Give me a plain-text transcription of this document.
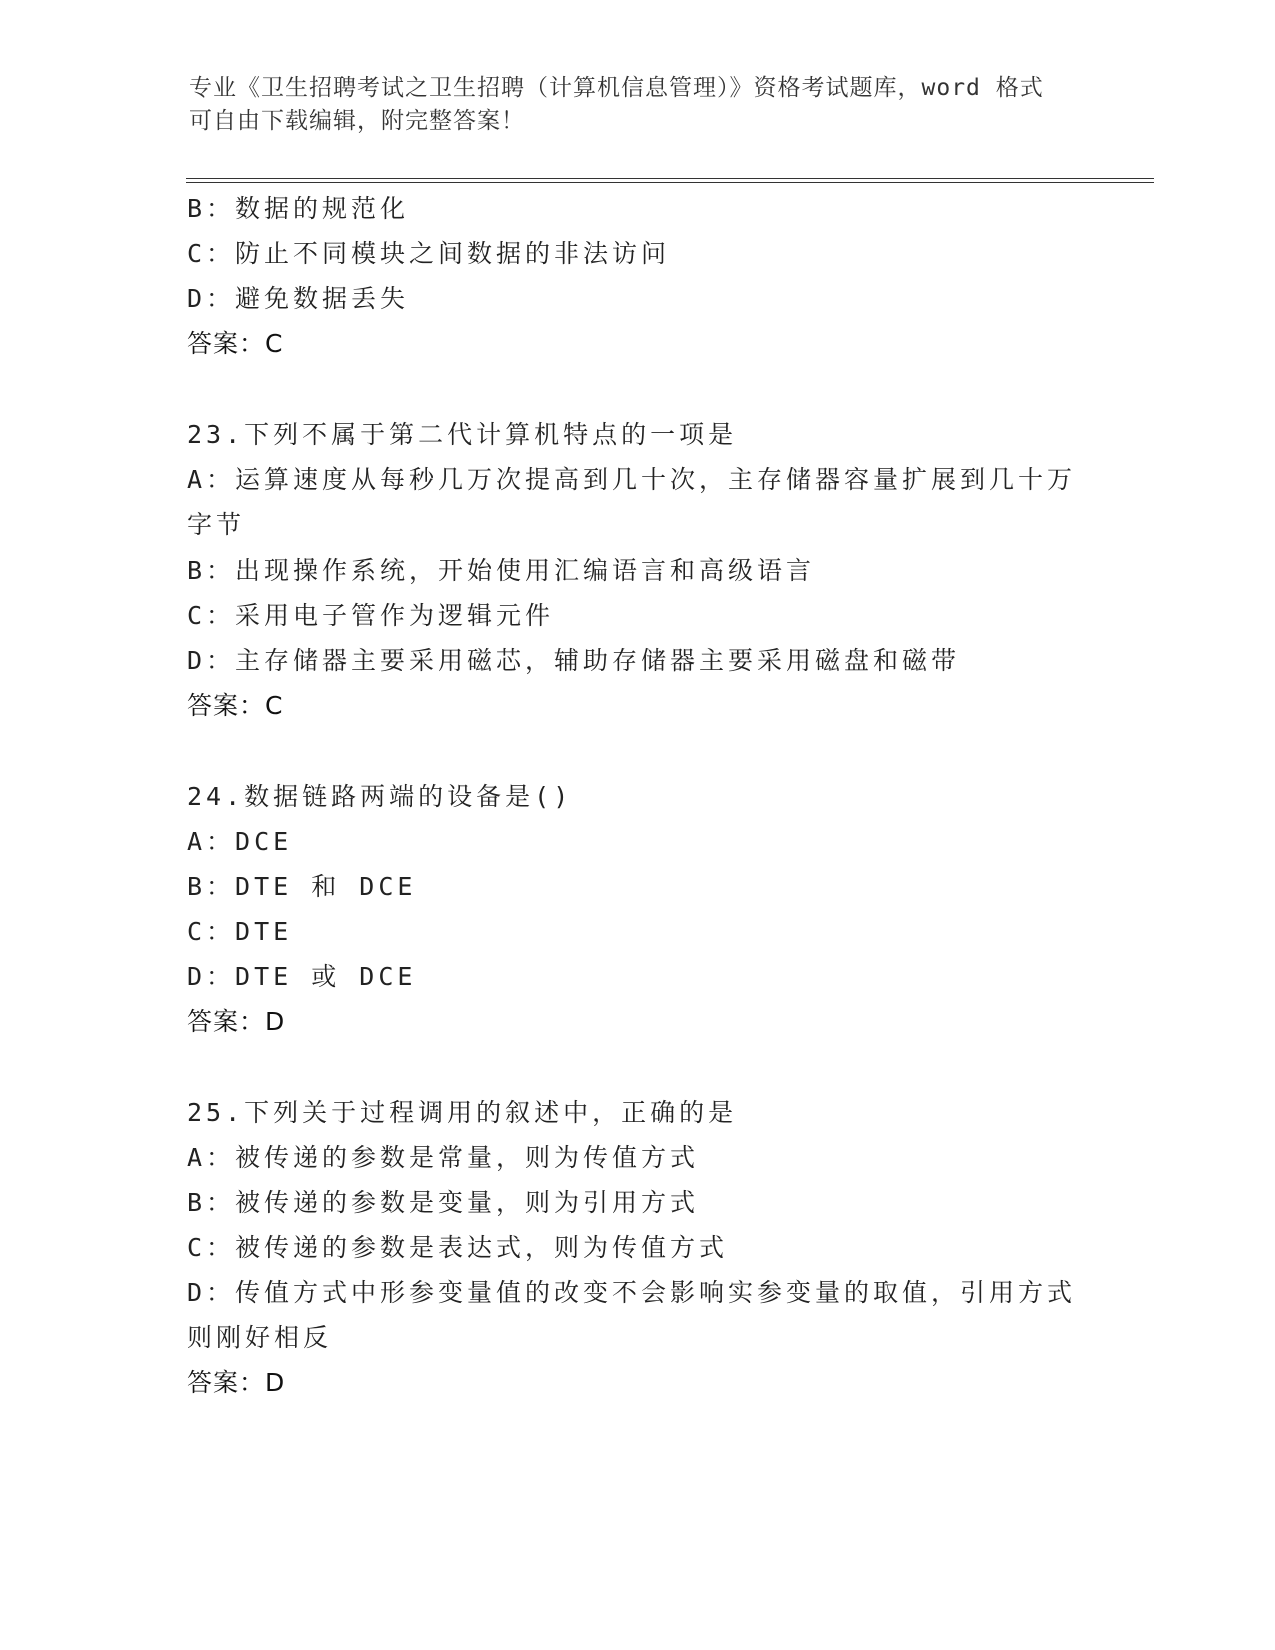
专业《卫生招聘考试之卫生招聘（计算机信息管理）》资格考试题库，word 格式
可自由下载编辑，附完整答案！
B：数据的规范化
C：防止不同模块之间数据的非法访问
D：避免数据丢失
答案：C
23.下列不属于第二代计算机特点的一项是
A：运算速度从每秒几万次提高到几十次，主存储器容量扩展到几十万
字节
B：出现操作系统，开始使用汇编语言和高级语言
C：采用电子管作为逻辑元件
D：主存储器主要采用磁芯，辅助存储器主要采用磁盘和磁带
答案：C
24.数据链路两端的设备是()
A：DCE
B：DTE 和 DCE
C：DTE
D：DTE 或 DCE
答案：D
25.下列关于过程调用的叙述中，正确的是
A：被传递的参数是常量，则为传值方式
B：被传递的参数是变量，则为引用方式
C：被传递的参数是表达式，则为传值方式
D：传值方式中形参变量值的改变不会影响实参变量的取值，引用方式
则刚好相反
答案：D
